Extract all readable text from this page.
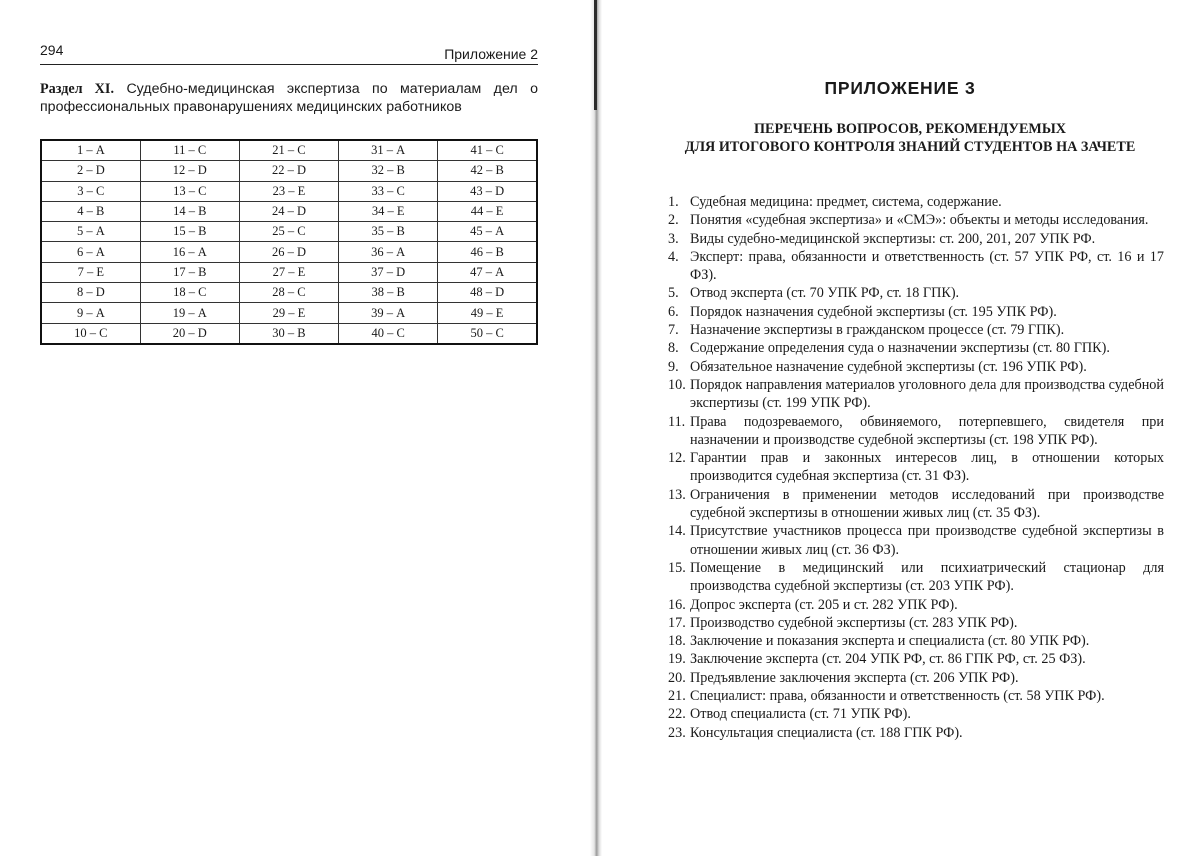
294	Приложение 2
Раздел XI. Судебно-медицинская экспертиза по материалам дел о профессиональных правонарушениях медицинских работников
1 – А	11 – С	21 – С	31 – А	41 – С
2 – D	12 – D	22 – D	32 – В	42 – В
3 – С	13 – С	23 – Е	33 – С	43 – D
4 – В	14 – В	24 – D	34 – Е	44 – Е
5 – А	15 – В	25 – С	35 – В	45 – А
6 – А	16 – А	26 – D	36 – А	46 – В
7 – Е	17 – В	27 – Е	37 – D	47 – А
8 – D	18 – С	28 – С	38 – В	48 – D
9 – А	19 – А	29 – Е	39 – А	49 – Е
10 – С	20 – D	30 – В	40 – С	50 – С
ПРИЛОЖЕНИЕ 3
ПЕРЕЧЕНЬ ВОПРОСОВ, РЕКОМЕНДУЕМЫХ
ДЛЯ ИТОГОВОГО КОНТРОЛЯ ЗНАНИЙ СТУДЕНТОВ НА ЗАЧЕТЕ
1. Судебная медицина: предмет, система, содержание.
2. Понятия «судебная экспертиза» и «СМЭ»: объекты и методы исследования.
3. Виды судебно-медицинской экспертизы: ст. 200, 201, 207 УПК РФ.
4. Эксперт: права, обязанности и ответственность (ст. 57 УПК РФ, ст. 16 и 17 ФЗ).
5. Отвод эксперта (ст. 70 УПК РФ, ст. 18 ГПК).
6. Порядок назначения судебной экспертизы (ст. 195 УПК РФ).
7. Назначение экспертизы в гражданском процессе (ст. 79 ГПК).
8. Содержание определения суда о назначении экспертизы (ст. 80 ГПК).
9. Обязательное назначение судебной экспертизы (ст. 196 УПК РФ).
10. Порядок направления материалов уголовного дела для производства судебной экспертизы (ст. 199 УПК РФ).
11. Права подозреваемого, обвиняемого, потерпевшего, свидетеля при назначении и производстве судебной экспертизы (ст. 198 УПК РФ).
12. Гарантии прав и законных интересов лиц, в отношении которых производится судебная экспертиза (ст. 31 ФЗ).
13. Ограничения в применении методов исследований при производстве судебной экспертизы в отношении живых лиц (ст. 35 ФЗ).
14. Присутствие участников процесса при производстве судебной экспертизы в отношении живых лиц (ст. 36 ФЗ).
15. Помещение в медицинский или психиатрический стационар для производства судебной экспертизы (ст. 203 УПК РФ).
16. Допрос эксперта (ст. 205 и ст. 282 УПК РФ).
17. Производство судебной экспертизы (ст. 283 УПК РФ).
18. Заключение и показания эксперта и специалиста (ст. 80 УПК РФ).
19. Заключение эксперта (ст. 204 УПК РФ, ст. 86 ГПК РФ, ст. 25 ФЗ).
20. Предъявление заключения эксперта (ст. 206 УПК РФ).
21. Специалист: права, обязанности и ответственность (ст. 58 УПК РФ).
22. Отвод специалиста (ст. 71 УПК РФ).
23. Консультация специалиста (ст. 188 ГПК РФ).
